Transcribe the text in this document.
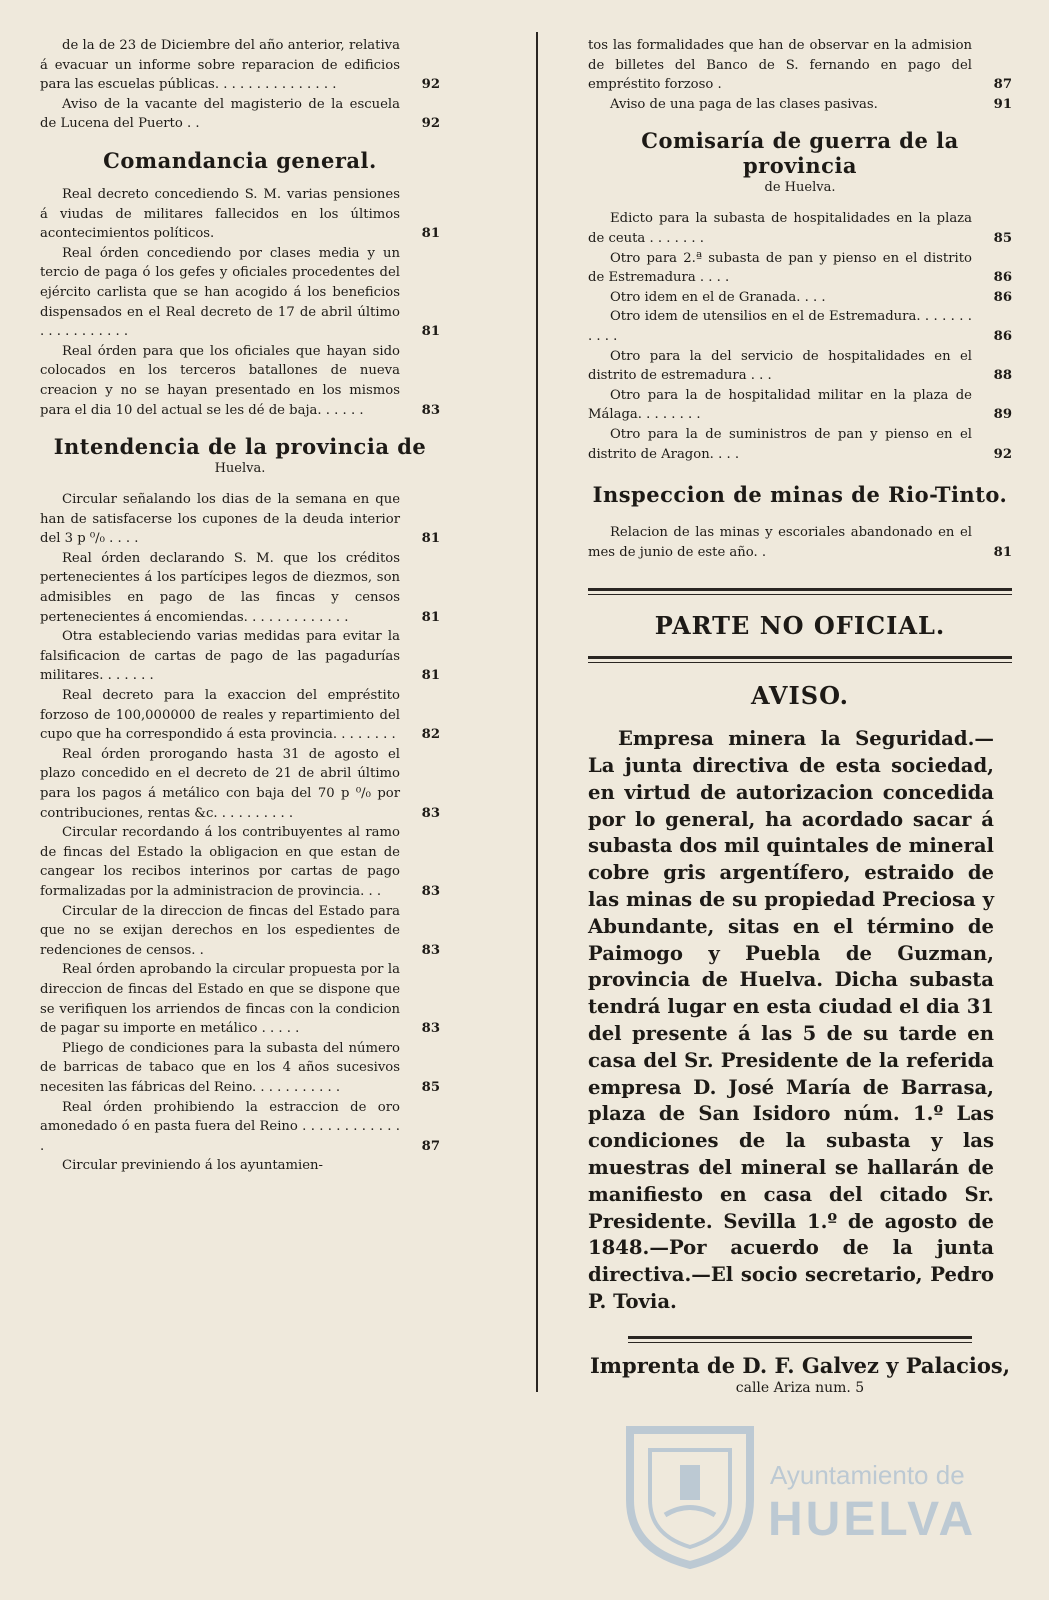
de la de 23 de Diciembre del año anterior, relativa á evacuar un informe sobre reparacion de edificios para las escuelas públicas. . . . . . . . . . . . . . .	92
Aviso de la vacante del magisterio de la escuela de Lucena del Puerto . .	92
Comandancia general.
Real decreto concediendo S. M. varias pensiones á viudas de militares fallecidos en los últimos acontecimientos políticos.	81
Real órden concediendo por clases media y un tercio de paga ó los gefes y oficiales procedentes del ejército carlista que se han acogido á los beneficios dispensados en el Real decreto de 17 de abril último . . . . . . . . . . .	81
Real órden para que los oficiales que hayan sido colocados en los terceros batallones de nueva creacion y no se hayan presentado en los mismos para el dia 10 del actual se les dé de baja. . . . . .	83
Intendencia de la provincia de
Huelva.
Circular señalando los dias de la semana en que han de satisfacerse los cupones de la deuda interior del 3 p ⁰/₀ . . . .	81
Real órden declarando S. M. que los créditos pertenecientes á los partícipes legos de diezmos, son admisibles en pago de las fincas y censos pertenecientes á encomiendas. . . . . . . . . . . . .	81
Otra estableciendo varias medidas para evitar la falsificacion de cartas de pago de las pagadurías militares. . . . . . .	81
Real decreto para la exaccion del empréstito forzoso de 100,000000 de reales y repartimiento del cupo que ha correspondido á esta provincia. . . . . . . . 82
Real órden prorogando hasta 31 de agosto el plazo concedido en el decreto de 21 de abril último para los pagos á metálico con baja del 70 p ⁰/₀ por contribuciones, rentas &c. . . . . . . . . .	83
Circular recordando á los contribuyentes al ramo de fincas del Estado la obligacion en que estan de cangear los recibos interinos por cartas de pago formalizadas por la administracion de provincia. . .	83
Circular de la direccion de fincas del Estado para que no se exijan derechos en los espedientes de redenciones de censos. .	83
Real órden aprobando la circular propuesta por la direccion de fincas del Estado en que se dispone que se verifiquen los arriendos de fincas con la condicion de pagar su importe en metálico . . . . .	83
Pliego de condiciones para la subasta del número de barricas de tabaco que en los 4 años sucesivos necesiten las fábricas del Reino. . . . . . . . . . .	85
Real órden prohibiendo la estraccion de oro amonedado ó en pasta fuera del Reino . . . . . . . . . . . . .	87
Circular previniendo á los ayuntamien-
tos las formalidades que han de observar en la admision de billetes del Banco de S. fernando en pago del empréstito forzoso .	87
Aviso de una paga de las clases pasivas.	91
Comisaría de guerra de la provincia
de Huelva.
Edicto para la subasta de hospitalidades en la plaza de ceuta . . . . . . .	85
Otro para 2.ª subasta de pan y pienso en el distrito de Estremadura . . . .	86
Otro idem en el de Granada. . . .	86
Otro idem de utensilios en el de Estremadura. . . . . . . . . . .	86
Otro para la del servicio de hospitalidades en el distrito de estremadura . . .	88
Otro para la de hospitalidad militar en la plaza de Málaga. . . . . . . .	89
Otro para la de suministros de pan y pienso en el distrito de Aragon. . . .	92
Inspeccion de minas de Rio-Tinto.
Relacion de las minas y escoriales abandonado en el mes de junio de este año. .	81
PARTE NO OFICIAL.
AVISO.
Empresa minera la Seguridad.—La junta directiva de esta sociedad, en virtud de autorizacion concedida por lo general, ha acordado sacar á subasta dos mil quintales de mineral cobre gris argentífero, estraido de las minas de su propiedad Preciosa y Abundante, sitas en el término de Paimogo y Puebla de Guzman, provincia de Huelva. Dicha subasta tendrá lugar en esta ciudad el dia 31 del presente á las 5 de su tarde en casa del Sr. Presidente de la referida empresa D. José María de Barrasa, plaza de San Isidoro núm. 1.º Las condiciones de la subasta y las muestras del mineral se hallarán de manifiesto en casa del citado Sr. Presidente. Sevilla 1.º de agosto de 1848.—Por acuerdo de la junta directiva.—El socio secretario, Pedro P. Tovia.
Imprenta de D. F. Galvez y Palacios,
calle Ariza num. 5
Ayuntamiento de
HUELVA
